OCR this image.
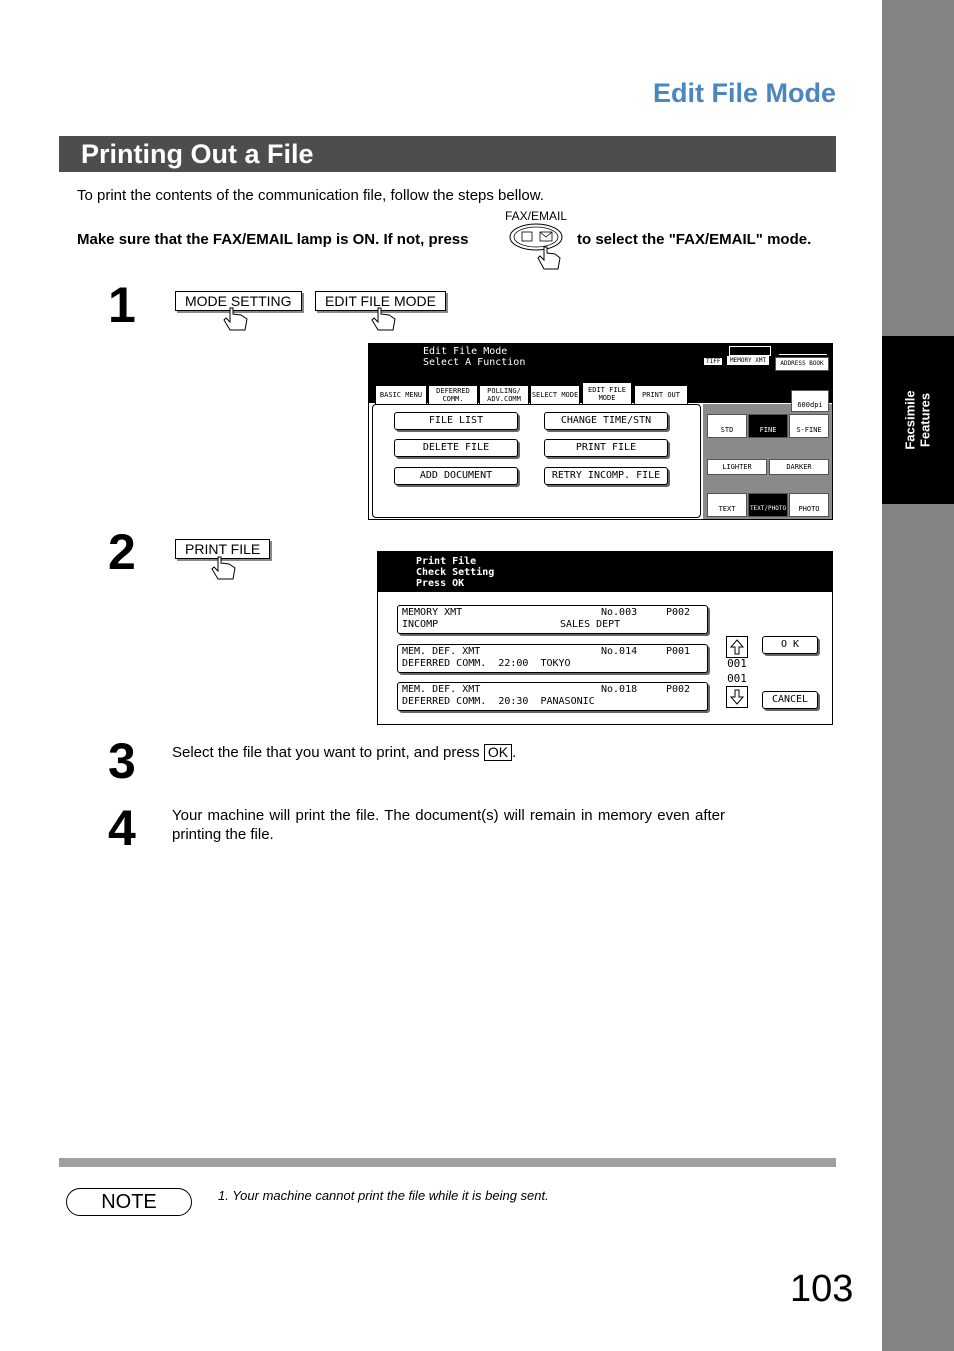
Facsimile
Features
Edit File Mode
Printing Out a File
To print the contents of the communication file, follow the steps bellow.
Make sure that the FAX/EMAIL lamp is ON. If not, press
FAX/EMAIL
to select the "FAX/EMAIL" mode.
1	MODE SETTING	EDIT FILE MODE
Edit File Mode
Select A Function	TIFF	MEMORY XMT	ADDRESS BOOK
BASIC MENU	DEFERRED COMM.
POLLING/ ADV.COMM	SELECT MODE
EDIT FILE MODE	PRINT OUT
FILE LIST	CHANGE TIME/STN
DELETE FILE	PRINT FILE
ADD DOCUMENT	RETRY INCOMP. FILE
600dpi
STD	FINE	S-FINE
LIGHTER	DARKER
TEXT	TEXT/PHOTO	PHOTO
2	PRINT FILE
Print File
Check Setting
Press OK
MEMORY XMT	No.003	P002
INCOMP	SALES DEPT
MEM. DEF. XMT	No.014	P001
DEFERRED COMM.  22:00  TOKYO
MEM. DEF. XMT	No.018	P002
DEFERRED COMM.  20:30  PANASONIC
001
001
O K
CANCEL
3 Select the file that you want to print, and press OK .
4 Your machine will print the file. The document(s) will remain in memory even after printing the file.
NOTE	1. Your machine cannot print the file while it is being sent.
103
